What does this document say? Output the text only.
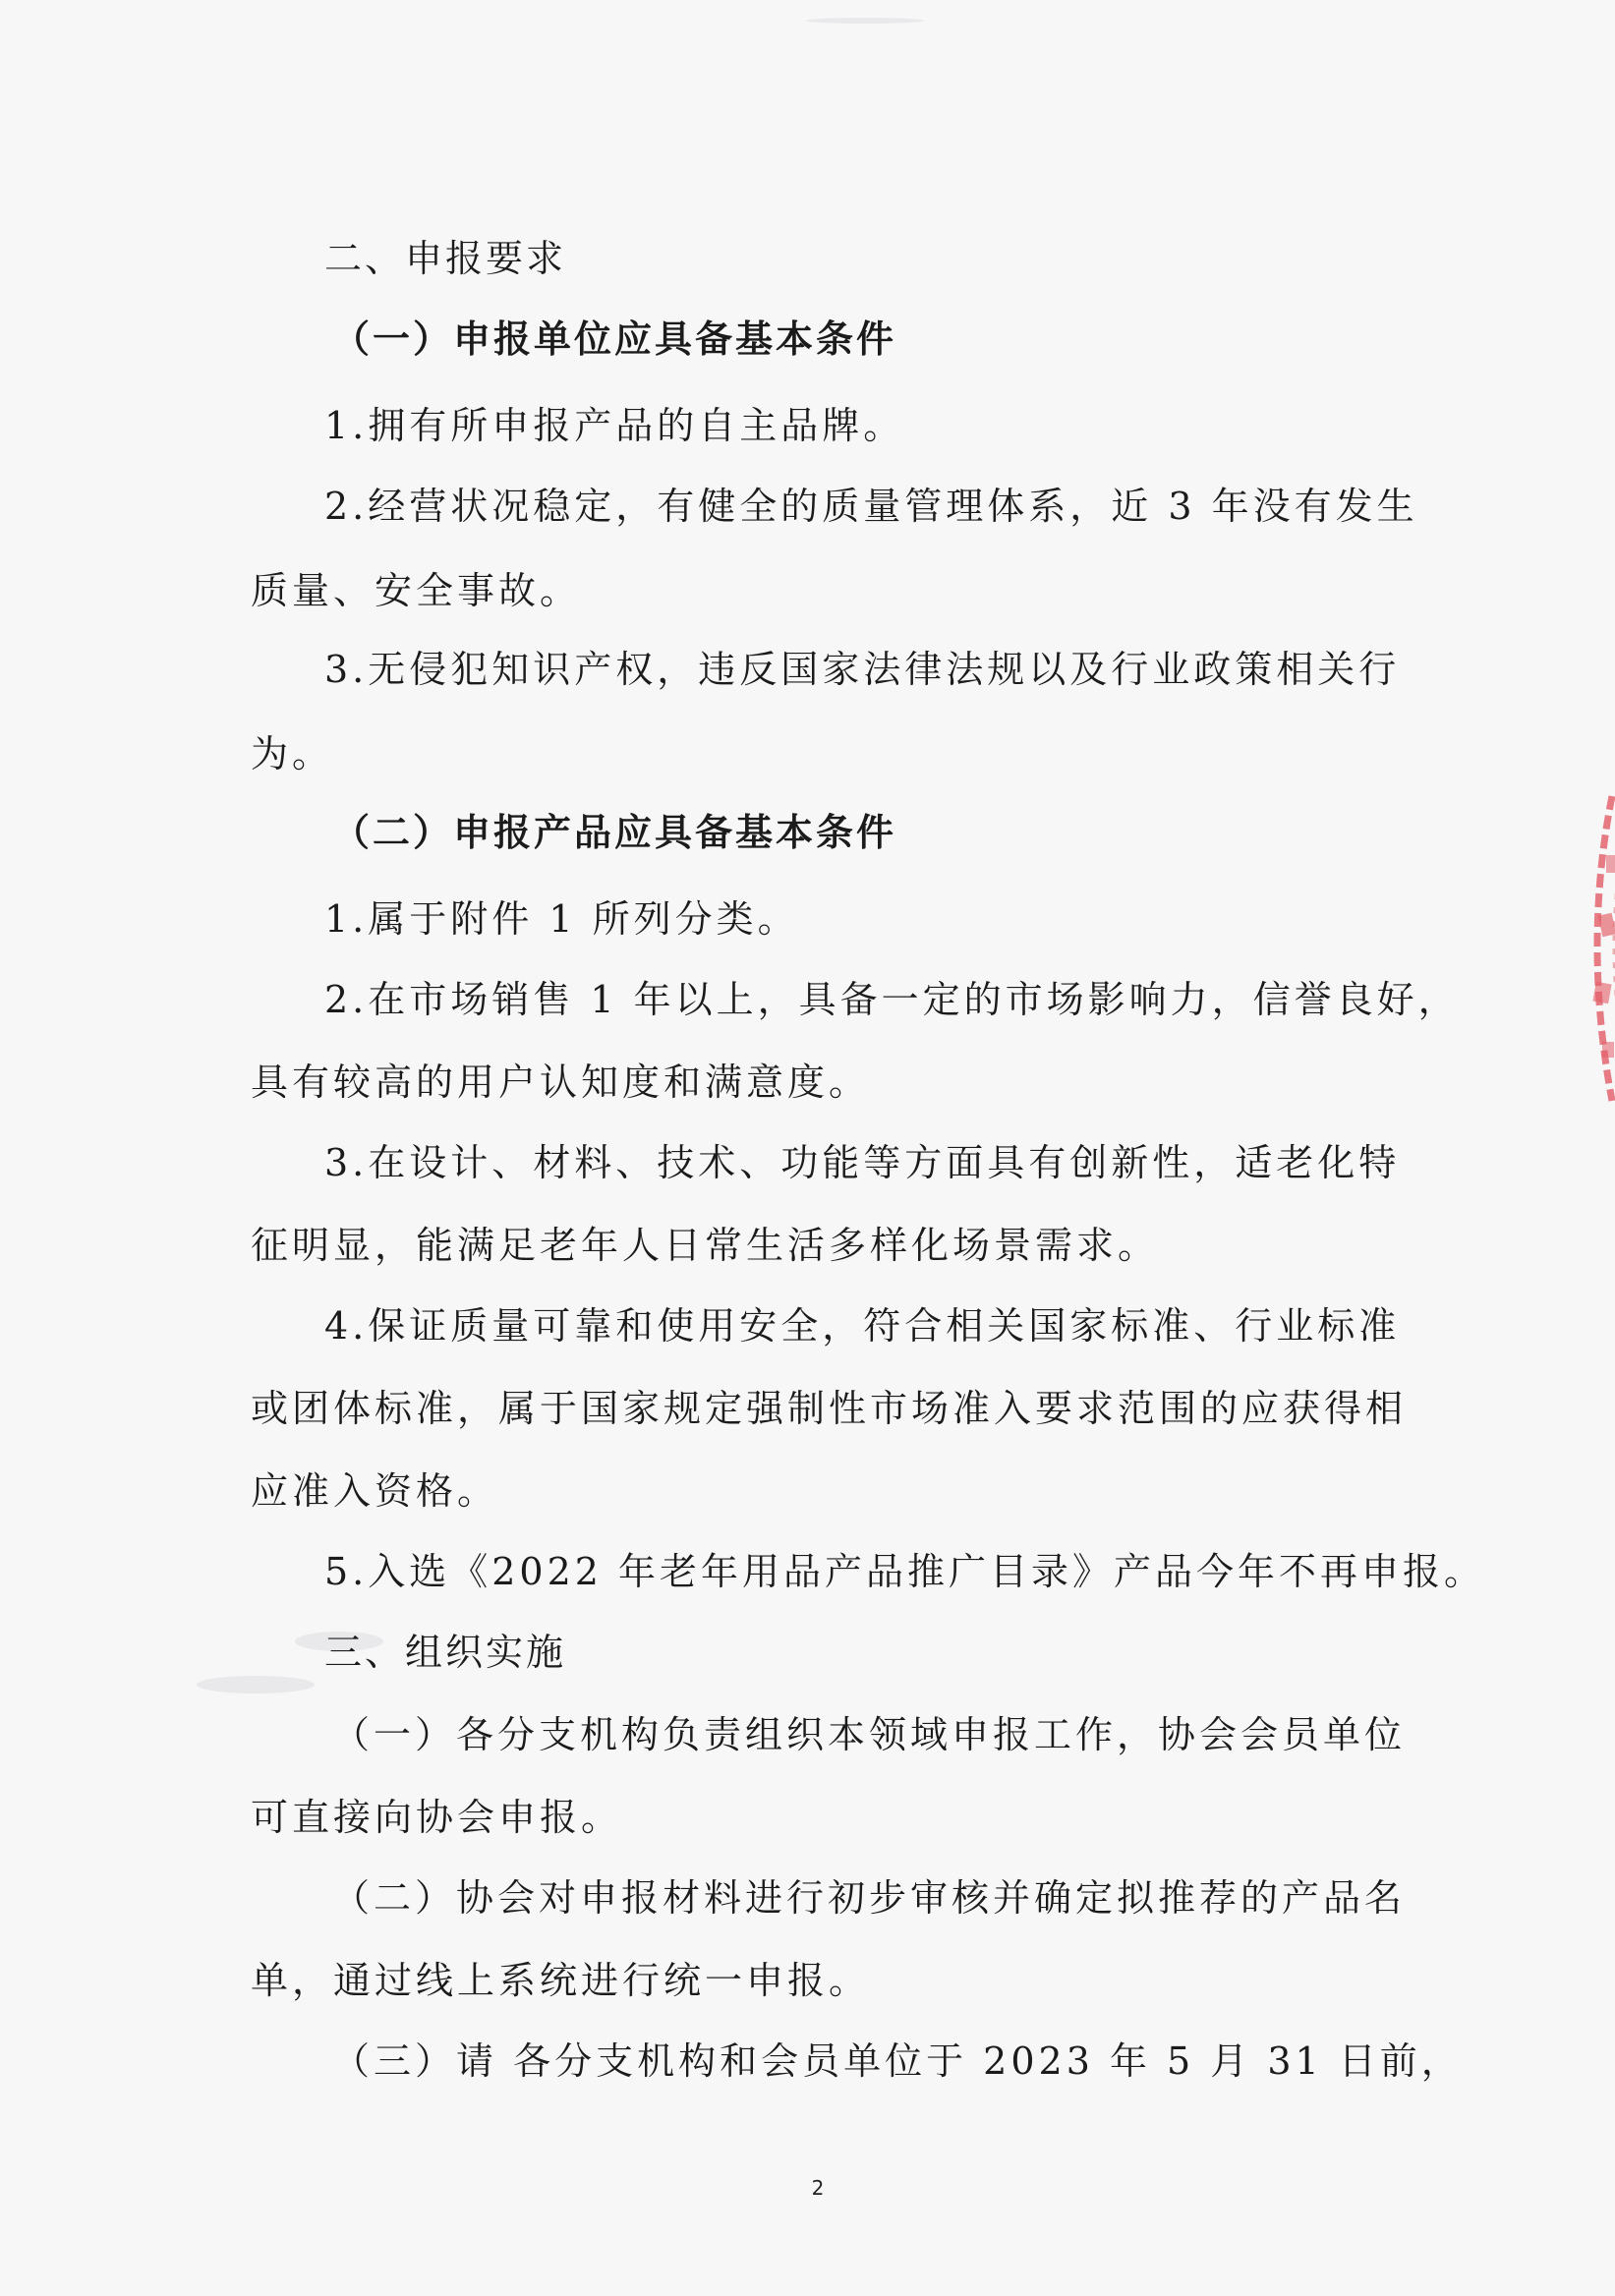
二、申报要求
（一）申报单位应具备基本条件
1.拥有所申报产品的自主品牌。
2.经营状况稳定，有健全的质量管理体系，近 3 年没有发生
质量、安全事故。
3.无侵犯知识产权，违反国家法律法规以及行业政策相关行
为。
（二）申报产品应具备基本条件
1.属于附件 1 所列分类。
2.在市场销售 1 年以上，具备一定的市场影响力，信誉良好，
具有较高的用户认知度和满意度。
3.在设计、材料、技术、功能等方面具有创新性，适老化特
征明显，能满足老年人日常生活多样化场景需求。
4.保证质量可靠和使用安全，符合相关国家标准、行业标准
或团体标准，属于国家规定强制性市场准入要求范围的应获得相
应准入资格。
5.入选《2022 年老年用品产品推广目录》产品今年不再申报。
三、组织实施
（一）各分支机构负责组织本领域申报工作，协会会员单位
可直接向协会申报。
（二）协会对申报材料进行初步审核并确定拟推荐的产品名
单，通过线上系统进行统一申报。
（三）请 各分支机构和会员单位于 2023 年 5 月 31 日前，
2
